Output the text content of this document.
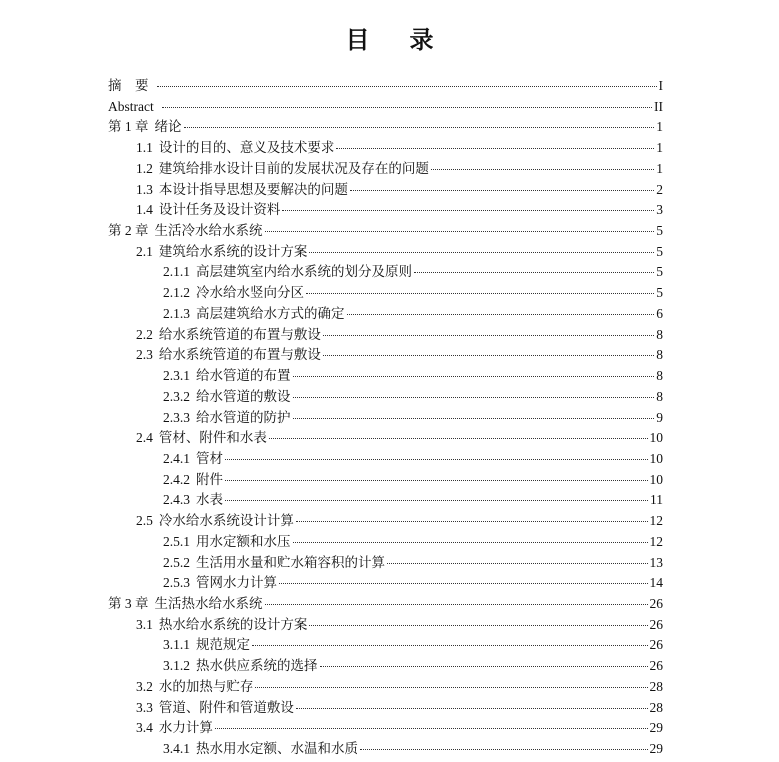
目录
摘　要	I
Abstract	II
第 1 章 绪论	1
1.1 设计的目的、意义及技术要求	1
1.2 建筑给排水设计目前的发展状况及存在的问题	1
1.3 本设计指导思想及要解决的问题	2
1.4 设计任务及设计资料	3
第 2 章 生活冷水给水系统	5
2.1 建筑给水系统的设计方案	5
2.1.1 高层建筑室内给水系统的划分及原则	5
2.1.2 冷水给水竖向分区	5
2.1.3 高层建筑给水方式的确定	6
2.2 给水系统管道的布置与敷设	8
2.3 给水系统管道的布置与敷设	8
2.3.1 给水管道的布置	8
2.3.2 给水管道的敷设	8
2.3.3 给水管道的防护	9
2.4 管材、附件和水表	10
2.4.1 管材	10
2.4.2 附件	10
2.4.3 水表	11
2.5 冷水给水系统设计计算	12
2.5.1 用水定额和水压	12
2.5.2 生活用水量和贮水箱容积的计算	13
2.5.3 管网水力计算	14
第 3 章 生活热水给水系统	26
3.1 热水给水系统的设计方案	26
3.1.1 规范规定	26
3.1.2 热水供应系统的选择	26
3.2 水的加热与贮存	28
3.3 管道、附件和管道敷设	28
3.4 水力计算	29
3.4.1 热水用水定额、水温和水质	29
